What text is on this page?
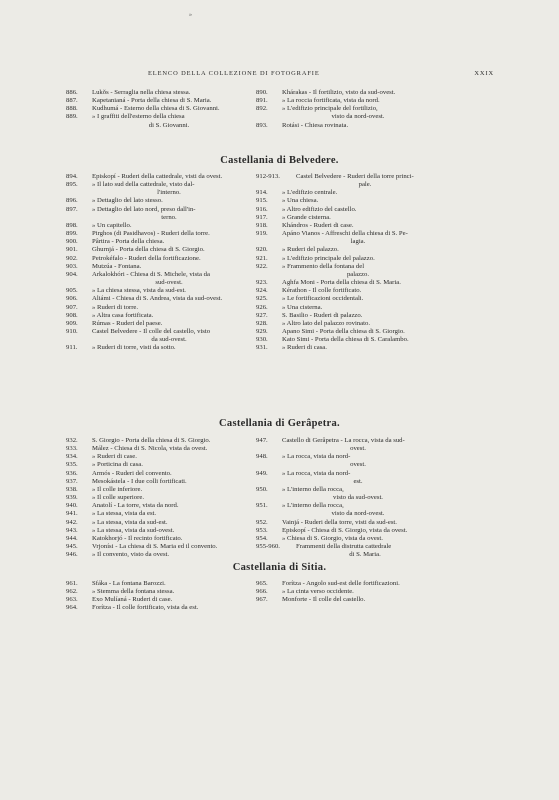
»
ELENCO DELLA COLLEZIONE DI FOTOGRAFIE	XXIX
886. Lukŏs - Serraglia nella chiesa stessa.
887. Kapetanianá - Porta della chiesa di S. Maria.
888. Kudhumá - Esterno della chiesa di S. Giovanni.
889. » I graffiti dell'esterno della chiesa
di S. Giovanni.
890. Khárakas - Il fortilizio, visto da sud-ovest.
891. » La roccia fortificata, vista da nord.
892. » L'edifizio principale del fortilizio,
visto da nord-ovest.
893. Rotási - Chiesa rovinata.
Castellania di Belvedere.
894. Episkopí - Ruderi della cattedrale, visti da ovest.
895. » Il lato sud della cattedrale, visto dal-
l'interno.
896. » Dettaglio del lato stesso.
897. » Dettaglio del lato nord, preso dall'in-
terno.
898. » Un capitello.
899. Pirghos (di Pasidhavos) - Ruderi della torre.
900. Pârtira - Porta della chiesa.
901. Ghurnjá - Porta della chiesa di S. Giorgio.
902. Petrokéfalo - Ruderi della fortificazione.
903. Mutzúa - Fontana.
904. Arkalokhóri - Chiesa di S. Michele, vista da
sud-ovest.
905. » La chiesa stessa, vista da sud-est.
906. Aliámi - Chiesa di S. Andrea, vista da sud-ovest.
907. » Ruderi di torre.
908. » Altra casa fortificata.
909. Rúmas - Ruderi del paese.
910. Castel Belvedere - Il colle del castello, visto
da sud-ovest.
911. » Ruderi di torre, visti da sotto.
912-913. Castel Belvedere - Ruderi della torre princi-
pale.
914. » L'edifizio centrale.
915. » Una chiesa.
916. » Altro edifizio del castello.
917. » Grande cisterna.
918. Khándros - Ruderi di case.
919. Apáno Vianos - Affreschi della chiesa di S. Pe-
lagia.
920. » Ruderi del palazzo.
921. » L'edifizio principale del palazzo.
922. » Frammento della fontana del
palazzo.
923. Aghfa Moni - Porta della chiesa di S. Maria.
924. Kérathon - Il colle fortificato.
925. » Le fortificazioni occidentali.
926. » Una cisterna.
927. S. Basilio - Ruderi di palazzo.
928. » Altro lato del palazzo rovinato.
929. Apano Simi - Porta della chiesa di S. Giorgio.
930. Kato Simi - Porta della chiesa di S. Caralambo.
931. » Ruderi di casa.
Castellania di Gerâpetra.
932. S. Giorgio - Porta della chiesa di S. Giorgio.
933. Mález - Chiesa di S. Nicola, vista da ovest.
934. » Ruderi di case.
935. » Porticina di casa.
936. Armós - Ruderi del convento.
937. Mesokástela - I due colli fortificati.
938. » Il colle inferiore.
939. » Il colle superiore.
940. Anatolí - La torre, vista da nord.
941. » La stessa, vista da est.
942. » La stessa, vista da sud-est.
943. » La stessa, vista da sud-ovest.
944. Katokhorjó - Il recinto fortificato.
945. Vrjonísi - La chiesa di S. Maria ed il convento.
946. » Il convento, visto da ovest.
947. Castello di Gerâpetra - La rocca, vista da sud-
ovest.
948. » La rocca, vista da nord-
ovest.
949. » La rocca, vista da nord-
est.
950. » L'interno della rocca,
visto da sud-ovest.
951. » L'interno della rocca,
visto da nord-ovest.
952. Vainjá - Ruderi della torre, visti da sud-est.
953. Episkopí - Chiesa di S. Giorgio, vista da ovest.
954. » Chiesa di S. Giorgio, vista da ovest.
955-960. Frammenti della distrutta cattedrale
di S. Maria.
Castellania di Sitia.
961. Sfáka - La fontana Barozzi.
962. » Stemma della fontana stessa.
963. Exo Mulíaná - Ruderi di case.
964. Forítza - Il colle fortificato, vista da est.
965. Forítza - Angolo sud-est delle fortificazioni.
966. » La cinta verso occidente.
967. Monforte - Il colle del castello.
